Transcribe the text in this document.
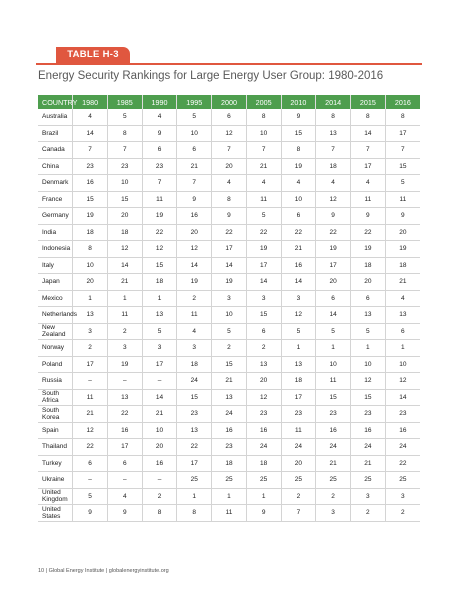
TABLE H-3
Energy Security Rankings for Large Energy User Group: 1980-2016
COUNTRY	1980	1985	1990	1995	2000	2005	2010	2014	2015	2016
Australia	4	5	4	5	6	8	9	8	8	8
Brazil	14	8	9	10	12	10	15	13	14	17
Canada	7	7	6	6	7	7	8	7	7	7
China	23	23	23	21	20	21	19	18	17	15
Denmark	16	10	7	7	4	4	4	4	4	5
France	15	15	11	9	8	11	10	12	11	11
Germany	19	20	19	16	9	5	6	9	9	9
India	18	18	22	20	22	22	22	22	22	20
Indonesia	8	12	12	12	17	19	21	19	19	19
Italy	10	14	15	14	14	17	16	17	18	18
Japan	20	21	18	19	19	14	14	20	20	21
Mexico	1	1	1	2	3	3	3	6	6	4
Netherlands	13	11	13	11	10	15	12	14	13	13
New Zealand	3	2	5	4	5	6	5	5	5	6
Norway	2	3	3	3	2	2	1	1	1	1
Poland	17	19	17	18	15	13	13	10	10	10
Russia	–	–	–	24	21	20	18	11	12	12
South Africa	11	13	14	15	13	12	17	15	15	14
South Korea	21	22	21	23	24	23	23	23	23	23
Spain	12	16	10	13	16	16	11	16	16	16
Thailand	22	17	20	22	23	24	24	24	24	24
Turkey	6	6	16	17	18	18	20	21	21	22
Ukraine	–	–	–	25	25	25	25	25	25	25
United Kingdom	5	4	2	1	1	1	2	2	3	3
United States	9	9	8	8	11	9	7	3	2	2
10 | Global Energy Institute | globalenergyinstitute.org
